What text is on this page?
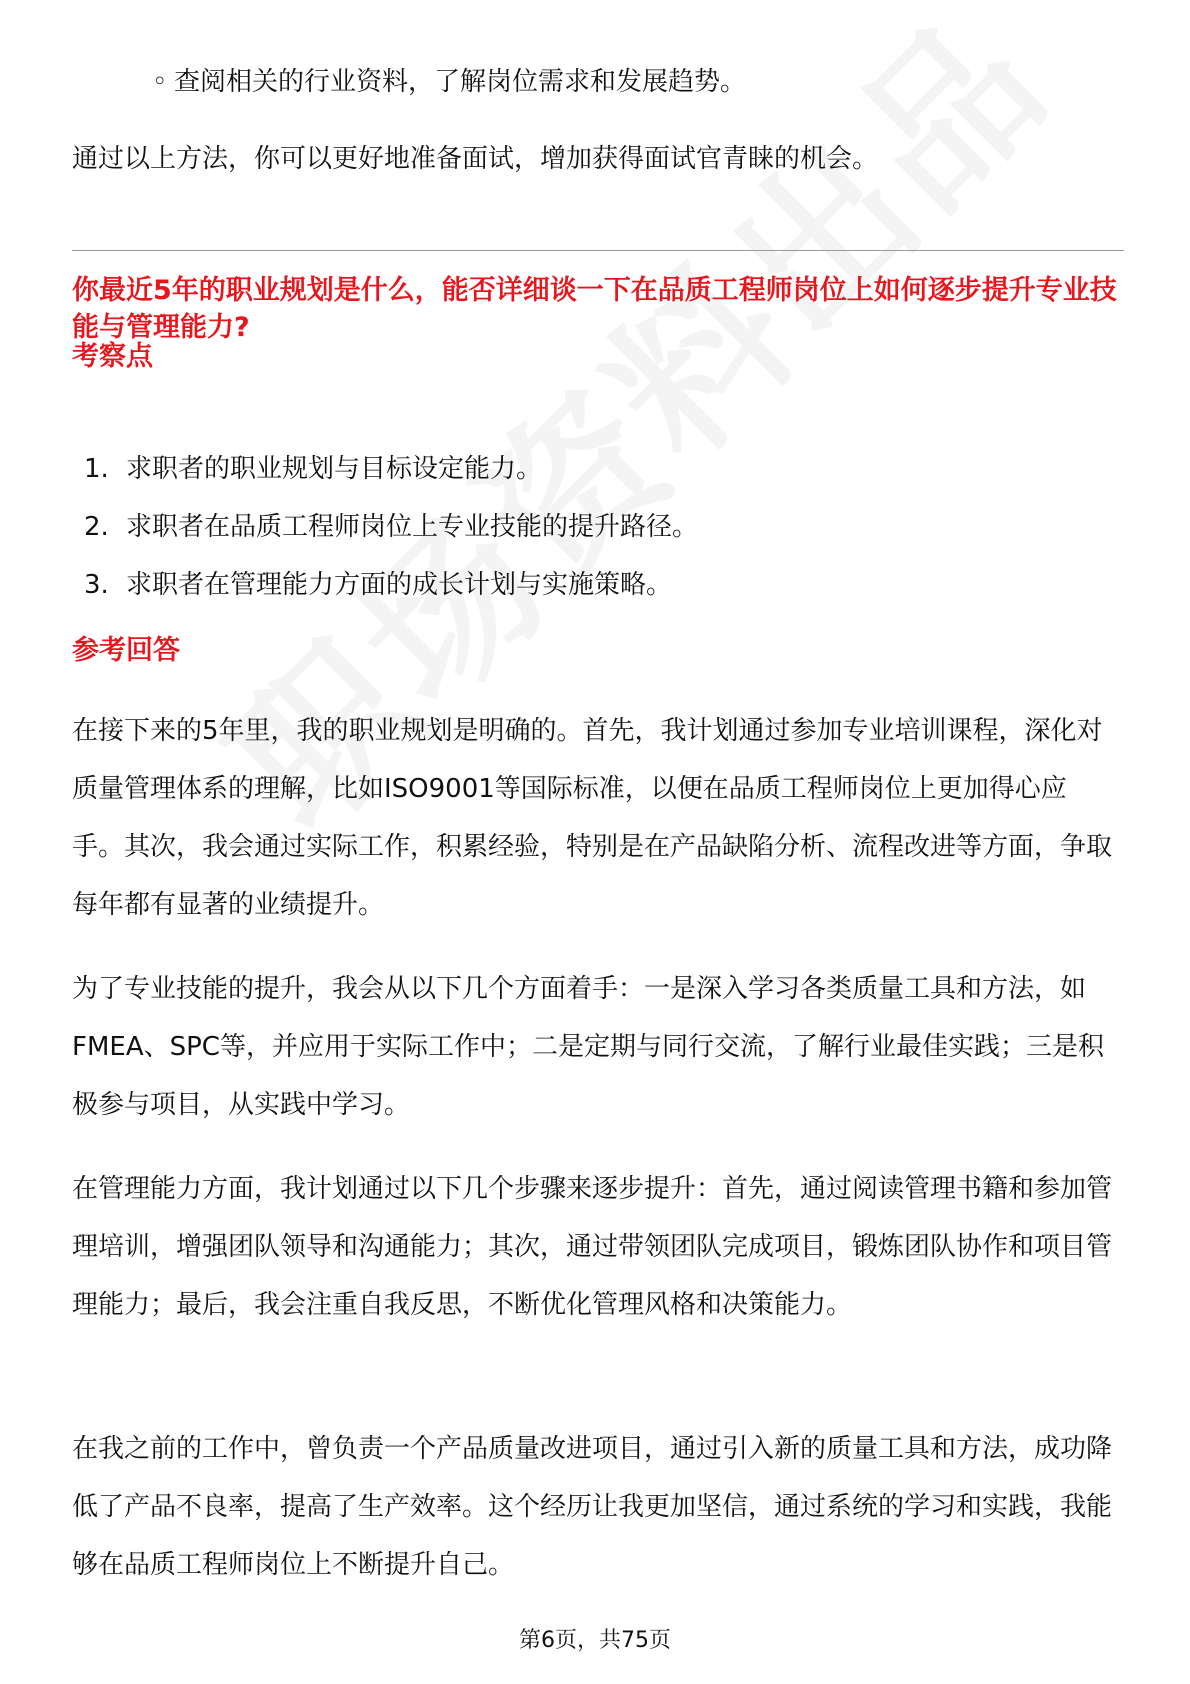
◦ 查阅相关的行业资料，了解岗位需求和发展趋势。

通过以上方法，你可以更好地准备面试，增加获得面试官青睐的机会。

你最近5年的职业规划是什么，能否详细谈一下在品质工程师岗位上如何逐步提升专业技能与管理能力?
考察点
1. 求职者的职业规划与目标设定能力。
2. 求职者在品质工程师岗位上专业技能的提升路径。
3. 求职者在管理能力方面的成长计划与实施策略。
参考回答

在接下来的5年里，我的职业规划是明确的。首先，我计划通过参加专业培训课程，深化对质量管理体系的理解，比如ISO9001等国际标准，以便在品质工程师岗位上更加得心应手。其次，我会通过实际工作，积累经验，特别是在产品缺陷分析、流程改进等方面，争取每年都有显著的业绩提升。

为了专业技能的提升，我会从以下几个方面着手：一是深入学习各类质量工具和方法，如FMEA、SPC等，并应用于实际工作中；二是定期与同行交流，了解行业最佳实践；三是积极参与项目，从实践中学习。

在管理能力方面，我计划通过以下几个步骤来逐步提升：首先，通过阅读管理书籍和参加管理培训，增强团队领导和沟通能力；其次，通过带领团队完成项目，锻炼团队协作和项目管理能力；最后，我会注重自我反思，不断优化管理风格和决策能力。

在我之前的工作中，曾负责一个产品质量改进项目，通过引入新的质量工具和方法，成功降低了产品不良率，提高了生产效率。这个经历让我更加坚信，通过系统的学习和实践，我能够在品质工程师岗位上不断提升自己。

第6页，共75页
